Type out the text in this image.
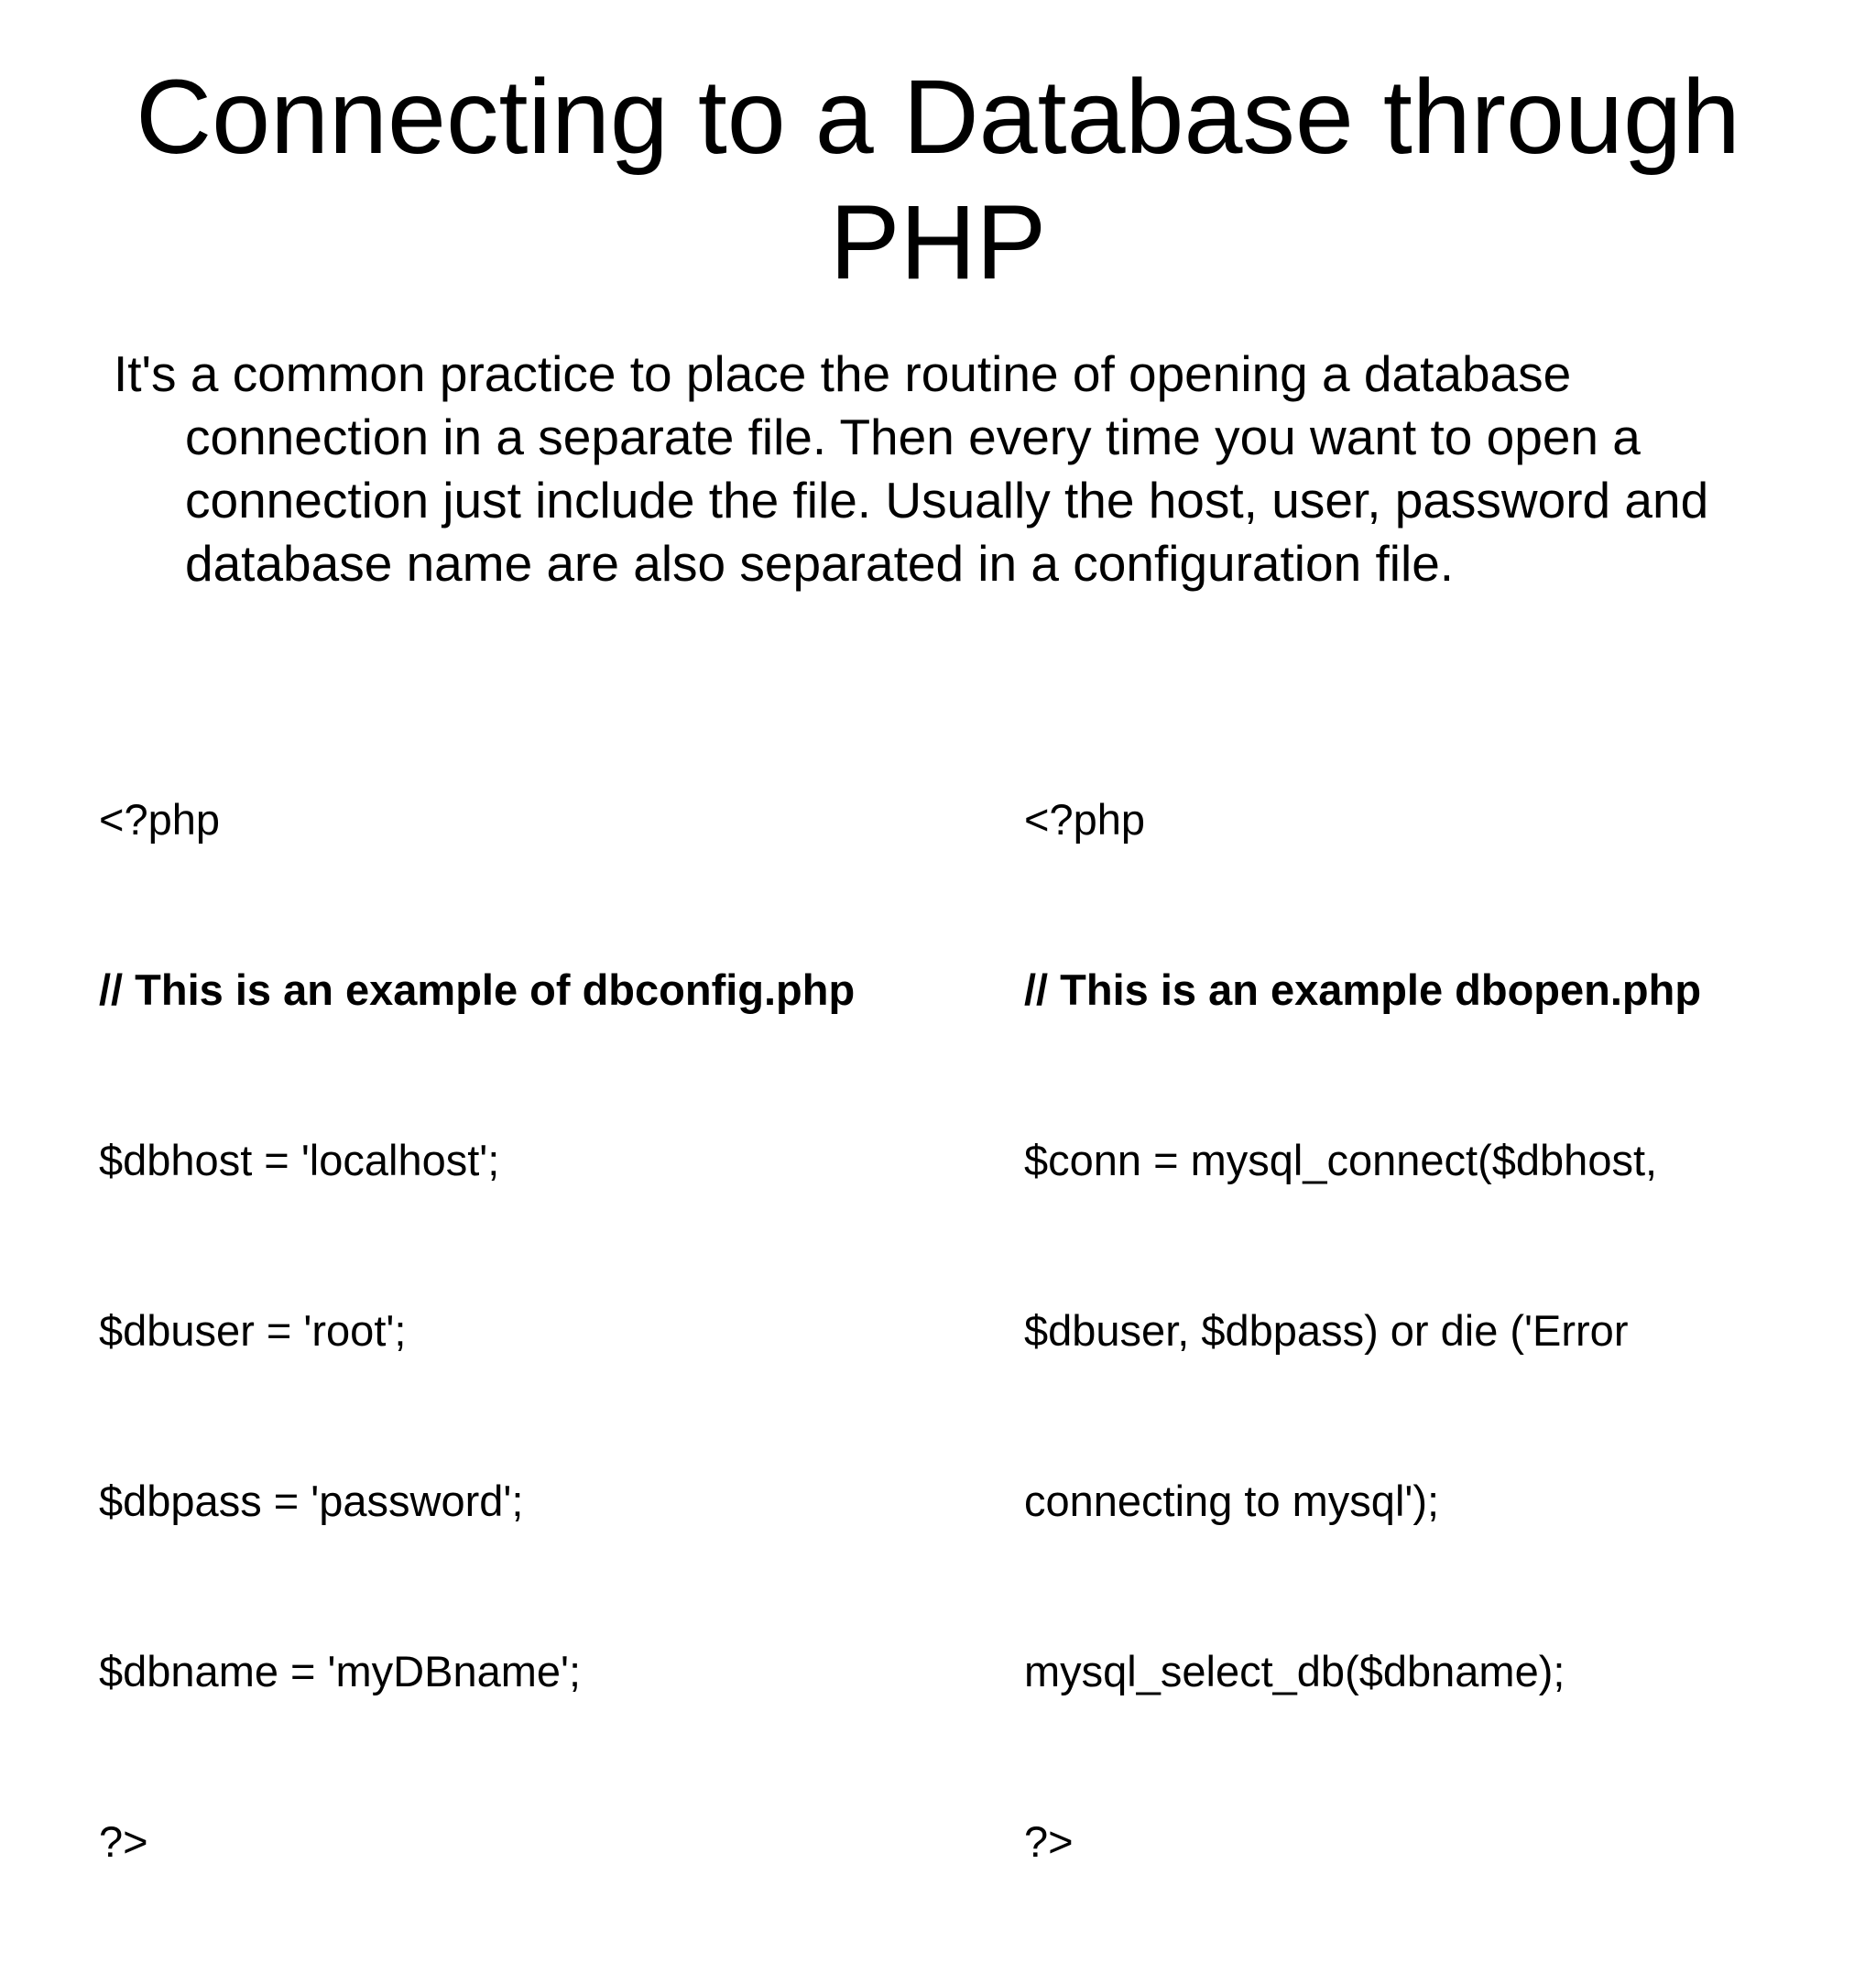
Connecting to a Database through
PHP

It's a common practice to place the routine of opening a database connection in a separate file. Then every time you want to open a connection just include the file. Usually the host, user, password and database name are also separated in a configuration file.

<?php

// This is an example of dbconfig.php

$dbhost = 'localhost';

$dbuser = 'root';

$dbpass = 'password';

$dbname = 'myDBname';

?>

<?php

// This is an example dbopen.php

$conn = mysql_connect($dbhost,

$dbuser, $dbpass) or die ('Error

connecting to mysql');

mysql_select_db($dbname);

?>
